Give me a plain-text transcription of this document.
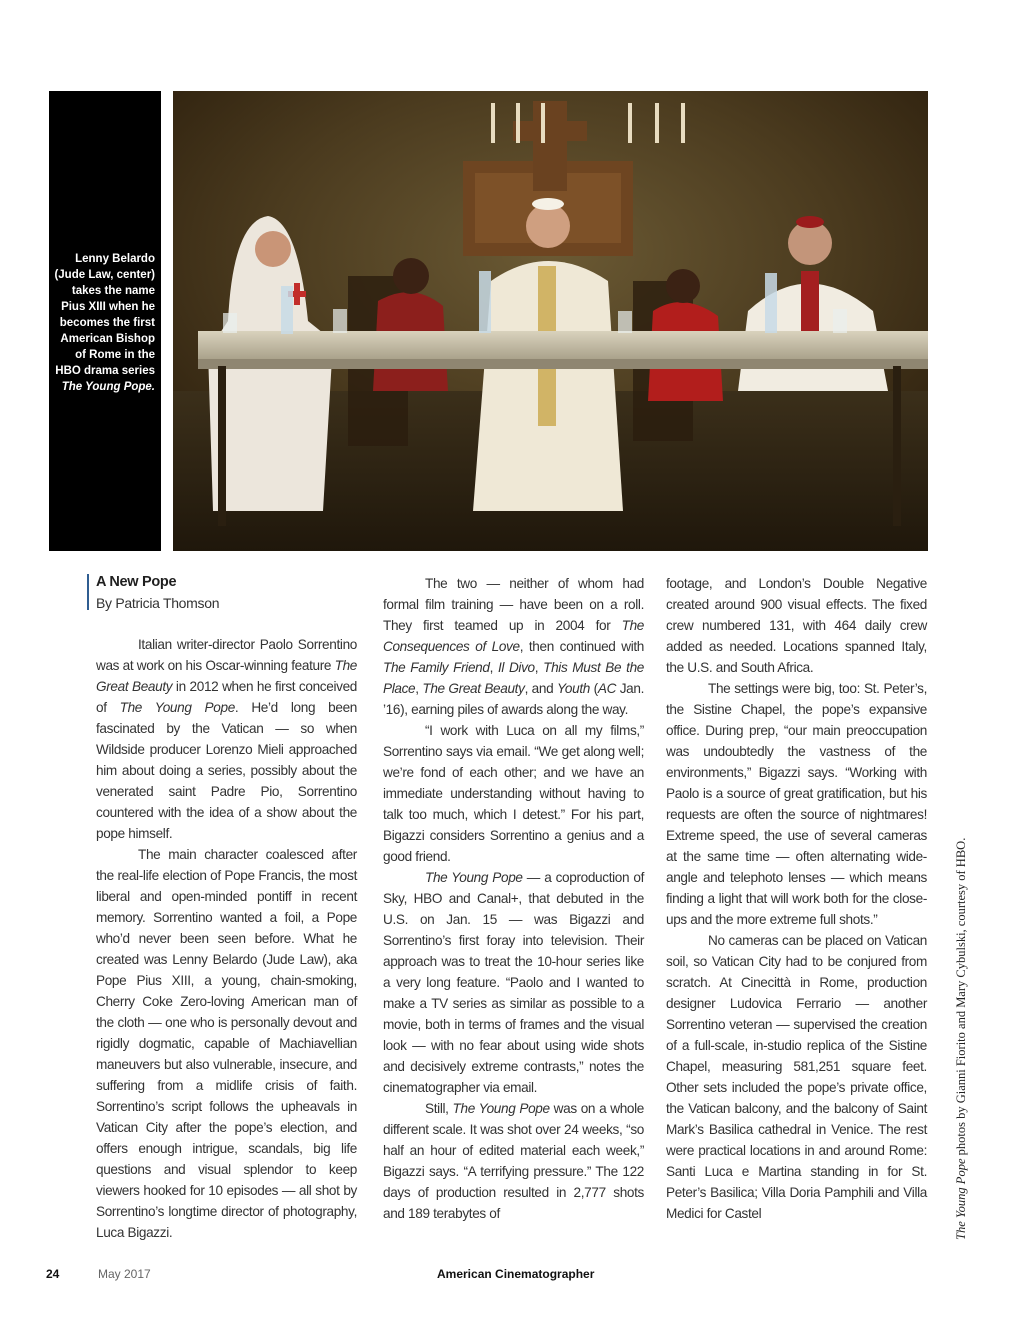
Lenny Belardo (Jude Law, center) takes the name Pius XIII when he becomes the first American Bishop of Rome in the HBO drama series The Young Pope.
A New Pope
By Patricia Thomson

Italian writer-director Paolo Sorrentino was at work on his Oscar-winning feature The Great Beauty in 2012 when he first conceived of The Young Pope. He’d long been fascinated by the Vatican — so when Wildside producer Lorenzo Mieli approached him about doing a series, possibly about the venerated saint Padre Pio, Sorrentino countered with the idea of a show about the pope himself.

The main character coalesced after the real-life election of Pope Francis, the most liberal and open-minded pontiff in recent memory. Sorrentino wanted a foil, a Pope who’d never been seen before. What he created was Lenny Belardo (Jude Law), aka Pope Pius XIII, a young, chain-smoking, Cherry Coke Zero-loving American man of the cloth — one who is personally devout and rigidly dogmatic, capable of Machiavellian maneuvers but also vulnerable, insecure, and suffering from a midlife crisis of faith. Sorrentino’s script follows the upheavals in Vatican City after the pope’s election, and offers enough intrigue, scandals, big life questions and visual splendor to keep viewers hooked for 10 episodes — all shot by Sorrentino’s longtime director of photography, Luca Bigazzi.

The two — neither of whom had formal film training — have been on a roll. They first teamed up in 2004 for The Consequences of Love, then continued with The Family Friend, Il Divo, This Must Be the Place, The Great Beauty, and Youth (AC Jan. ’16), earning piles of awards along the way.

“I work with Luca on all my films,” Sorrentino says via email. “We get along well; we’re fond of each other; and we have an immediate understanding without having to talk too much, which I detest.” For his part, Bigazzi considers Sorrentino a genius and a good friend.

The Young Pope — a coproduction of Sky, HBO and Canal+, that debuted in the U.S. on Jan. 15 — was Bigazzi and Sorrentino’s first foray into television. Their approach was to treat the 10-hour series like a very long feature. “Paolo and I wanted to make a TV series as similar as possible to a movie, both in terms of frames and the visual look — with no fear about using wide shots and decisively extreme contrasts,” notes the cinematographer via email.

Still, The Young Pope was on a whole different scale. It was shot over 24 weeks, “so half an hour of edited material each week,” Bigazzi says. “A terrifying pressure.” The 122 days of production resulted in 2,777 shots and 189 terabytes of

footage, and London’s Double Negative created around 900 visual effects. The fixed crew numbered 131, with 464 daily crew added as needed. Locations spanned Italy, the U.S. and South Africa.

The settings were big, too: St. Peter’s, the Sistine Chapel, the pope’s expansive office. During prep, “our main preoccupation was undoubtedly the vastness of the environments,” Bigazzi says. “Working with Paolo is a source of great gratification, but his requests are often the source of nightmares! Extreme speed, the use of several cameras at the same time — often alternating wide-angle and telephoto lenses — which means finding a light that will work both for the close-ups and the more extreme full shots.”

No cameras can be placed on Vatican soil, so Vatican City had to be conjured from scratch. At Cinecittà in Rome, production designer Ludovica Ferrario — another Sorrentino veteran — supervised the creation of a full-scale, in-studio replica of the Sistine Chapel, measuring 581,251 square feet. Other sets included the pope’s private office, the Vatican balcony, and the balcony of Saint Mark’s Basilica cathedral in Venice. The rest were practical locations in and around Rome: Santi Luca e Martina standing in for St. Peter’s Basilica; Villa Doria Pamphili and Villa Medici for Castel	The Young Pope photos by Gianni Fiorito and Mary Cybulski, courtesy of HBO.
24	May 2017	American Cinematographer
